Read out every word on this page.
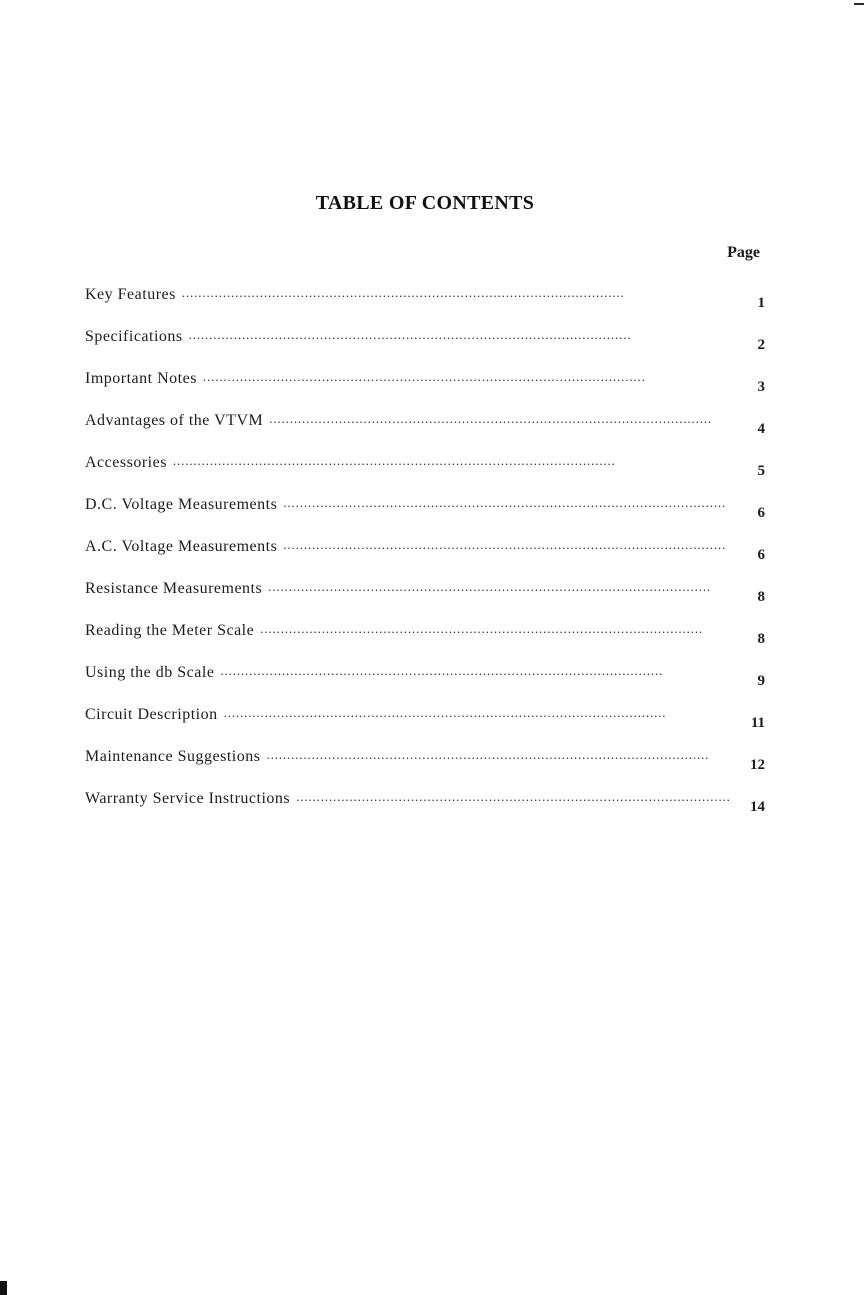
TABLE OF CONTENTS
Page
Key Features
. . .	1
Specifications
. . .	2
Important Notes
. . .	3
Advantages of the VTVM
. . .	4
Accessories
. . .	5
D.C. Voltage Measurements
. . .	6
A.C. Voltage Measurements
. . .	6
Resistance Measurements
. . .	8
Reading the Meter Scale
. . .	8
Using the db Scale
. . .	9
Circuit Description
. . .	11
Maintenance Suggestions
. . .	12
Warranty Service Instructions
. . .	14
